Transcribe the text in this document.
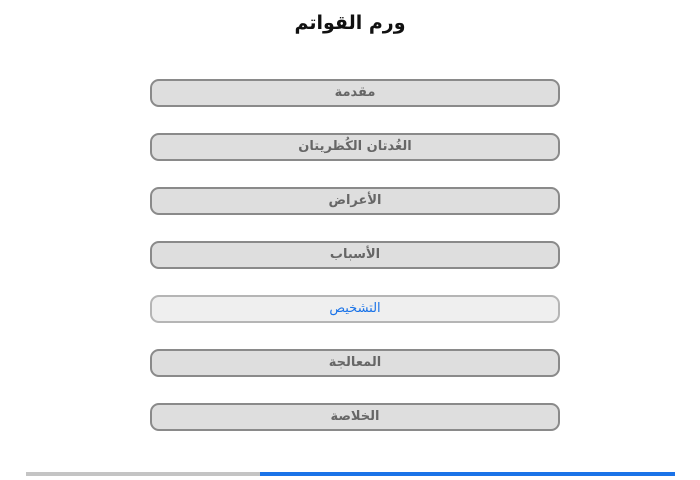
ورم القواتم
مقدمة
الغُدتان الكُظريتان
الأعراض
الأسباب
التشخيص
المعالجة
الخلاصة
